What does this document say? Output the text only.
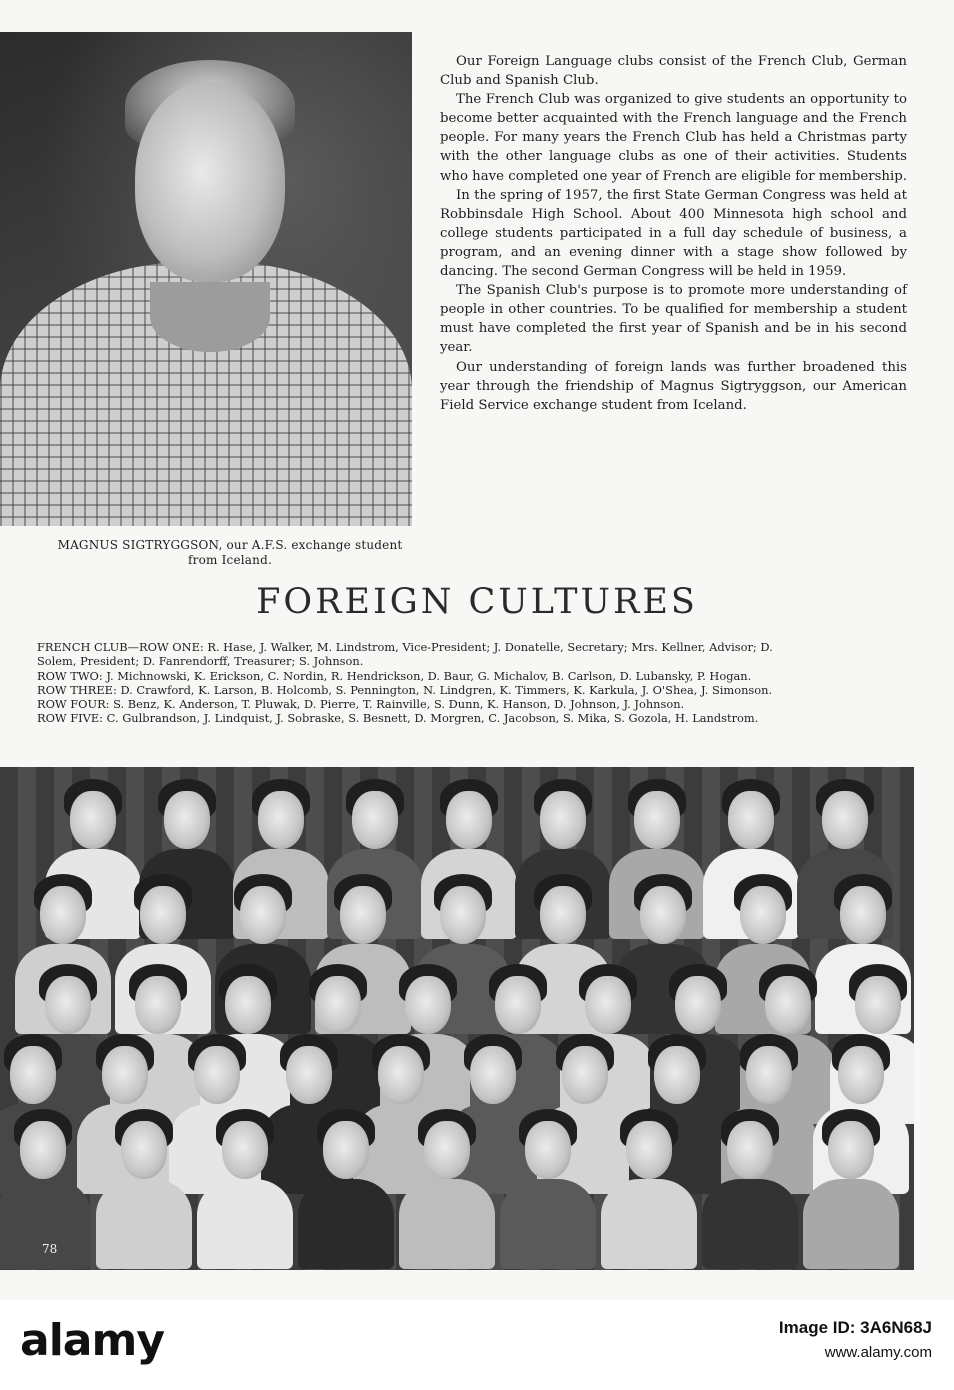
MAGNUS SIGTRYGGSON, our A.F.S. exchange student
from Iceland.

Our Foreign Language clubs consist of the French Club, German Club and Spanish Club.

The French Club was organized to give students an opportunity to become better acquainted with the French language and the French people. For many years the French Club has held a Christmas party with the other language clubs as one of their activities. Students who have completed one year of French are eligible for membership.

In the spring of 1957, the first State German Congress was held at Robbinsdale High School. About 400 Minnesota high school and college students participated in a full day schedule of business, a program, and an evening dinner with a stage show followed by dancing. The second German Congress will be held in 1959.

The Spanish Club's purpose is to promote more understanding of people in other countries. To be qualified for membership a student must have completed the first year of Spanish and be in his second year.

Our understanding of foreign lands was further broadened this year through the friendship of Magnus Sigtryggson, our American Field Service exchange student from Iceland.

FOREIGN CULTURES
FRENCH CLUB—ROW ONE: R. Hase, J. Walker, M. Lindstrom, Vice-President; J. Donatelle, Secretary; Mrs. Kellner, Advisor; D.
Solem, President; D. Fanrendorff, Treasurer; S. Johnson.
ROW TWO: J. Michnowski, K. Erickson, C. Nordin, R. Hendrickson, D. Baur, G. Michalov, B. Carlson, D. Lubansky, P. Hogan.
ROW THREE: D. Crawford, K. Larson, B. Holcomb, S. Pennington, N. Lindgren, K. Timmers, K. Karkula, J. O'Shea, J. Simonson.
ROW FOUR: S. Benz, K. Anderson, T. Pluwak, D. Pierre, T. Rainville, S. Dunn, K. Hanson, D. Johnson, J. Johnson.
ROW FIVE: C. Gulbrandson, J. Lindquist, J. Sobraske, S. Besnett, D. Morgren, C. Jacobson, S. Mika, S. Gozola, H. Landstrom.
78
alamy	Image ID: 3A6N68J
www.alamy.com
